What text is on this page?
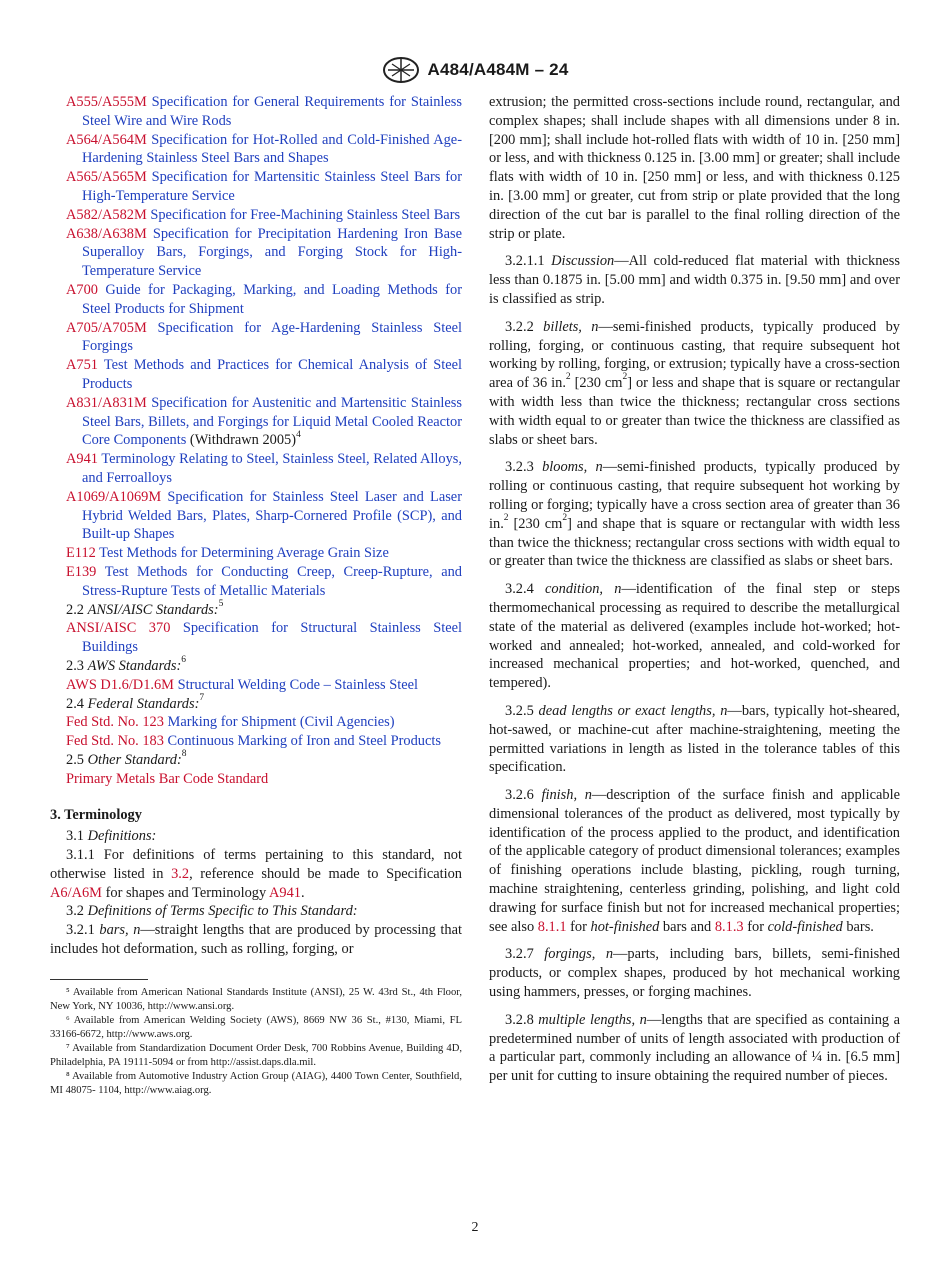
A484/A484M – 24
A555/A555M Specification for General Requirements for Stainless Steel Wire and Wire Rods
A564/A564M Specification for Hot-Rolled and Cold-Finished Age-Hardening Stainless Steel Bars and Shapes
A565/A565M Specification for Martensitic Stainless Steel Bars for High-Temperature Service
A582/A582M Specification for Free-Machining Stainless Steel Bars
A638/A638M Specification for Precipitation Hardening Iron Base Superalloy Bars, Forgings, and Forging Stock for High-Temperature Service
A700 Guide for Packaging, Marking, and Loading Methods for Steel Products for Shipment
A705/A705M Specification for Age-Hardening Stainless Steel Forgings
A751 Test Methods and Practices for Chemical Analysis of Steel Products
A831/A831M Specification for Austenitic and Martensitic Stainless Steel Bars, Billets, and Forgings for Liquid Metal Cooled Reactor Core Components (Withdrawn 2005)$^4$
A941 Terminology Relating to Steel, Stainless Steel, Related Alloys, and Ferroalloys
A1069/A1069M Specification for Stainless Steel Laser and Laser Hybrid Welded Bars, Plates, Sharp-Cornered Profile (SCP), and Built-up Shapes
E112 Test Methods for Determining Average Grain Size
E139 Test Methods for Conducting Creep, Creep-Rupture, and Stress-Rupture Tests of Metallic Materials
2.2 ANSI/AISC Standards:$^5$
ANSI/AISC 370 Specification for Structural Stainless Steel Buildings
2.3 AWS Standards:$^6$
AWS D1.6/D1.6M Structural Welding Code – Stainless Steel
2.4 Federal Standards:$^7$
Fed Std. No. 123 Marking for Shipment (Civil Agencies)
Fed Std. No. 183 Continuous Marking of Iron and Steel Products
2.5 Other Standard:$^8$
Primary Metals Bar Code Standard
3. Terminology
3.1 Definitions:
3.1.1 For definitions of terms pertaining to this standard, not otherwise listed in 3.2, reference should be made to Specification A6/A6M for shapes and Terminology A941.
3.2 Definitions of Terms Specific to This Standard:
3.2.1 bars, n—straight lengths that are produced by processing that includes hot deformation, such as rolling, forging, or
⁵ Available from American National Standards Institute (ANSI), 25 W. 43rd St., 4th Floor, New York, NY 10036, http://www.ansi.org.
⁶ Available from American Welding Society (AWS), 8669 NW 36 St., #130, Miami, FL 33166-6672, http://www.aws.org.
⁷ Available from Standardization Document Order Desk, 700 Robbins Avenue, Building 4D, Philadelphia, PA 19111-5094 or from http://assist.daps.dla.mil.
⁸ Available from Automotive Industry Action Group (AIAG), 4400 Town Center, Southfield, MI 48075- 1104, http://www.aiag.org.
extrusion; the permitted cross-sections include round, rectangular, and complex shapes; shall include shapes with all dimensions under 8 in. [200 mm]; shall include hot-rolled flats with width of 10 in. [250 mm] or less, and with thickness 0.125 in. [3.00 mm] or greater; shall include flats with width of 10 in. [250 mm] or less, and with thickness 0.125 in. [3.00 mm] or greater, cut from strip or plate provided that the long direction of the cut bar is parallel to the final rolling direction of the strip or plate.
3.2.1.1 Discussion—All cold-reduced flat material with thickness less than 0.1875 in. [5.00 mm] and width 0.375 in. [9.50 mm] and over is classified as strip.
3.2.2 billets, n—semi-finished products, typically produced by rolling, forging, or continuous casting, that require subsequent hot working by rolling, forging, or extrusion; typically have a cross-section area of 36 in.$^2$ [230 $cm^2$] or less and shape that is square or rectangular with width less than twice the thickness; rectangular cross sections with width equal to or greater than twice the thickness are classified as slabs or sheet bars.
3.2.3 blooms, n—semi-finished products, typically produced by rolling or continuous casting, that require subsequent hot working by rolling or forging; typically have a cross section area of greater than 36 in.$^2$ [230 $cm^2$] and shape that is square or rectangular with width less than twice the thickness; rectangular cross sections with width equal to or greater than twice the thickness are classified as slabs or sheet bars.
3.2.4 condition, n—identification of the final step or steps thermomechanical processing as required to describe the metallurgical state of the material as delivered (examples include hot-worked; hot-worked and annealed; hot-worked, annealed, and cold-worked for increased mechanical properties; and hot-worked, quenched, and tempered).
3.2.5 dead lengths or exact lengths, n—bars, typically hot-sheared, hot-sawed, or machine-cut after machine-straightening, meeting the permitted variations in length as listed in the tolerance tables of this specification.
3.2.6 finish, n—description of the surface finish and applicable dimensional tolerances of the product as delivered, most typically by identification of the process applied to the product, and identification of the applicable category of product dimensional tolerances; examples of finishing operations include blasting, pickling, rough turning, machine straightening, centerless grinding, polishing, and light cold drawing for surface finish but not for increased mechanical properties; see also 8.1.1 for hot-finished bars and 8.1.3 for cold-finished bars.
3.2.7 forgings, n—parts, including bars, billets, semi-finished products, or complex shapes, produced by hot mechanical working using hammers, presses, or forging machines.
3.2.8 multiple lengths, n—lengths that are specified as containing a predetermined number of units of length associated with production of a particular part, commonly including an allowance of ¼ in. [6.5 mm] per unit for cutting to insure obtaining the required number of pieces.
2
